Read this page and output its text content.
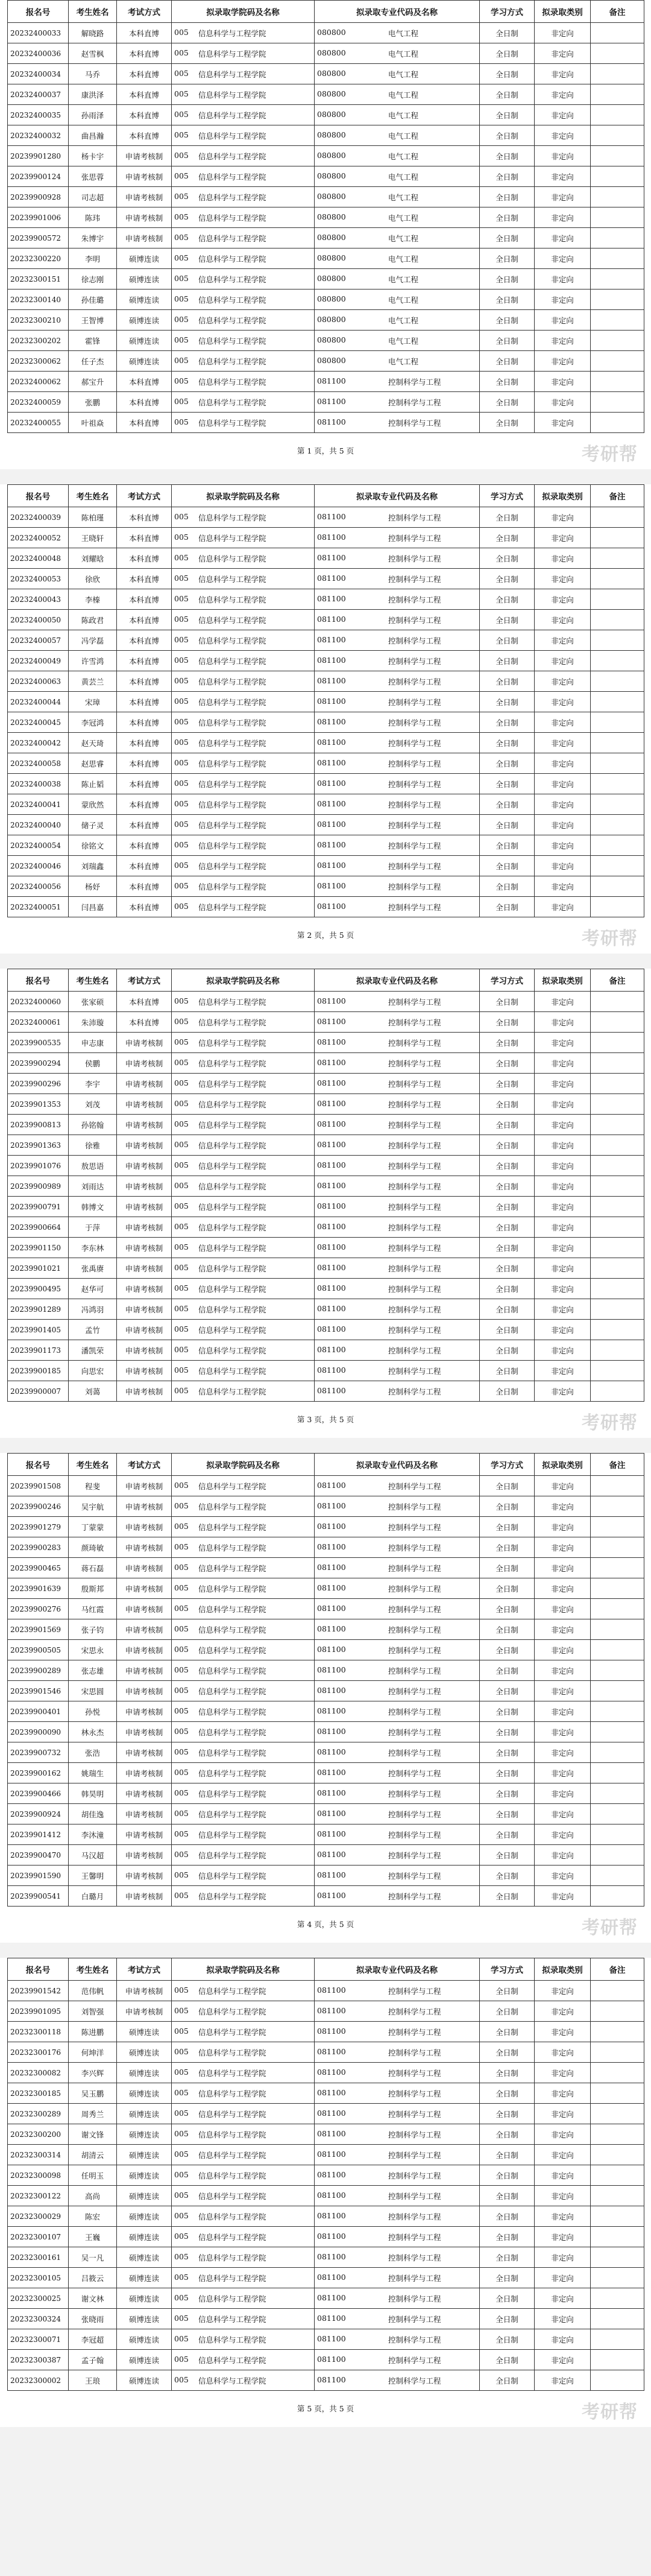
报名号	考生姓名	考试方式	拟录取学院码及名称	拟录取专业代码及名称	学习方式	拟录取类别	备注
20232400033	解晓路	本科直博	005 信息科学与工程学院	080800 电气工程	全日制	非定向	
20232400036	赵雪枫	本科直博	005 信息科学与工程学院	080800 电气工程	全日制	非定向	
20232400034	马乔	本科直博	005 信息科学与工程学院	080800 电气工程	全日制	非定向	
20232400037	康洪泽	本科直博	005 信息科学与工程学院	080800 电气工程	全日制	非定向	
20232400035	孙雨泽	本科直博	005 信息科学与工程学院	080800 电气工程	全日制	非定向	
20232400032	曲昌瀚	本科直博	005 信息科学与工程学院	080800 电气工程	全日制	非定向	
20239901280	杨卡宇	申请考核制	005 信息科学与工程学院	080800 电气工程	全日制	非定向	
20239900124	张思蓉	申请考核制	005 信息科学与工程学院	080800 电气工程	全日制	非定向	
20239900928	司志超	申请考核制	005 信息科学与工程学院	080800 电气工程	全日制	非定向	
20239901006	陈玮	申请考核制	005 信息科学与工程学院	080800 电气工程	全日制	非定向	
20239900572	朱博宇	申请考核制	005 信息科学与工程学院	080800 电气工程	全日制	非定向	
20232300220	李明	硕博连读	005 信息科学与工程学院	080800 电气工程	全日制	非定向	
20232300151	徐志刚	硕博连读	005 信息科学与工程学院	080800 电气工程	全日制	非定向	
20232300140	孙佳璐	硕博连读	005 信息科学与工程学院	080800 电气工程	全日制	非定向	
20232300210	王智博	硕博连读	005 信息科学与工程学院	080800 电气工程	全日制	非定向	
20232300202	霍锋	硕博连读	005 信息科学与工程学院	080800 电气工程	全日制	非定向	
20232300062	任子杰	硕博连读	005 信息科学与工程学院	080800 电气工程	全日制	非定向	
20232400062	郝宝升	本科直博	005 信息科学与工程学院	081100 控制科学与工程	全日制	非定向	
20232400059	张鹏	本科直博	005 信息科学与工程学院	081100 控制科学与工程	全日制	非定向	
20232400055	叶祖焱	本科直博	005 信息科学与工程学院	081100 控制科学与工程	全日制	非定向	
第 1 页，共 5 页	考研帮
报名号	考生姓名	考试方式	拟录取学院码及名称	拟录取专业代码及名称	学习方式	拟录取类别	备注
20232400039	陈柏瑾	本科直博	005 信息科学与工程学院	081100 控制科学与工程	全日制	非定向	
20232400052	王晓轩	本科直博	005 信息科学与工程学院	081100 控制科学与工程	全日制	非定向	
20232400048	刘耀晗	本科直博	005 信息科学与工程学院	081100 控制科学与工程	全日制	非定向	
20232400053	徐欣	本科直博	005 信息科学与工程学院	081100 控制科学与工程	全日制	非定向	
20232400043	李榛	本科直博	005 信息科学与工程学院	081100 控制科学与工程	全日制	非定向	
20232400050	陈政君	本科直博	005 信息科学与工程学院	081100 控制科学与工程	全日制	非定向	
20232400057	冯学磊	本科直博	005 信息科学与工程学院	081100 控制科学与工程	全日制	非定向	
20232400049	许雪鸿	本科直博	005 信息科学与工程学院	081100 控制科学与工程	全日制	非定向	
20232400063	黄芸兰	本科直博	005 信息科学与工程学院	081100 控制科学与工程	全日制	非定向	
20232400044	宋璋	本科直博	005 信息科学与工程学院	081100 控制科学与工程	全日制	非定向	
20232400045	李冠鸿	本科直博	005 信息科学与工程学院	081100 控制科学与工程	全日制	非定向	
20232400042	赵天琦	本科直博	005 信息科学与工程学院	081100 控制科学与工程	全日制	非定向	
20232400058	赵思睿	本科直博	005 信息科学与工程学院	081100 控制科学与工程	全日制	非定向	
20232400038	陈止韬	本科直博	005 信息科学与工程学院	081100 控制科学与工程	全日制	非定向	
20232400041	蒙欣然	本科直博	005 信息科学与工程学院	081100 控制科学与工程	全日制	非定向	
20232400040	储子灵	本科直博	005 信息科学与工程学院	081100 控制科学与工程	全日制	非定向	
20232400054	徐铭文	本科直博	005 信息科学与工程学院	081100 控制科学与工程	全日制	非定向	
20232400046	刘瑞鑫	本科直博	005 信息科学与工程学院	081100 控制科学与工程	全日制	非定向	
20232400056	杨妤	本科直博	005 信息科学与工程学院	081100 控制科学与工程	全日制	非定向	
20232400051	闫昌嘉	本科直博	005 信息科学与工程学院	081100 控制科学与工程	全日制	非定向	
第 2 页，共 5 页	考研帮
报名号	考生姓名	考试方式	拟录取学院码及名称	拟录取专业代码及名称	学习方式	拟录取类别	备注
20232400060	张家硕	本科直博	005 信息科学与工程学院	081100 控制科学与工程	全日制	非定向	
20232400061	朱沛璇	本科直博	005 信息科学与工程学院	081100 控制科学与工程	全日制	非定向	
20239900535	申志康	申请考核制	005 信息科学与工程学院	081100 控制科学与工程	全日制	非定向	
20239900294	侯鹏	申请考核制	005 信息科学与工程学院	081100 控制科学与工程	全日制	非定向	
20239900296	李宇	申请考核制	005 信息科学与工程学院	081100 控制科学与工程	全日制	非定向	
20239901353	刘茂	申请考核制	005 信息科学与工程学院	081100 控制科学与工程	全日制	非定向	
20239900813	孙铭翰	申请考核制	005 信息科学与工程学院	081100 控制科学与工程	全日制	非定向	
20239901363	徐雅	申请考核制	005 信息科学与工程学院	081100 控制科学与工程	全日制	非定向	
20239901076	敖思语	申请考核制	005 信息科学与工程学院	081100 控制科学与工程	全日制	非定向	
20239900989	刘雨达	申请考核制	005 信息科学与工程学院	081100 控制科学与工程	全日制	非定向	
20239900791	韩博文	申请考核制	005 信息科学与工程学院	081100 控制科学与工程	全日制	非定向	
20239900664	于萍	申请考核制	005 信息科学与工程学院	081100 控制科学与工程	全日制	非定向	
20239901150	李东林	申请考核制	005 信息科学与工程学院	081100 控制科学与工程	全日制	非定向	
20239901021	张禹赓	申请考核制	005 信息科学与工程学院	081100 控制科学与工程	全日制	非定向	
20239900495	赵华可	申请考核制	005 信息科学与工程学院	081100 控制科学与工程	全日制	非定向	
20239901289	冯鸿羽	申请考核制	005 信息科学与工程学院	081100 控制科学与工程	全日制	非定向	
20239901405	孟竹	申请考核制	005 信息科学与工程学院	081100 控制科学与工程	全日制	非定向	
20239901173	潘凯荣	申请考核制	005 信息科学与工程学院	081100 控制科学与工程	全日制	非定向	
20239900185	向思宏	申请考核制	005 信息科学与工程学院	081100 控制科学与工程	全日制	非定向	
20239900007	刘蔼	申请考核制	005 信息科学与工程学院	081100 控制科学与工程	全日制	非定向	
第 3 页，共 5 页	考研帮
报名号	考生姓名	考试方式	拟录取学院码及名称	拟录取专业代码及名称	学习方式	拟录取类别	备注
20239901508	程斐	申请考核制	005 信息科学与工程学院	081100 控制科学与工程	全日制	非定向	
20239900246	吴宇航	申请考核制	005 信息科学与工程学院	081100 控制科学与工程	全日制	非定向	
20239901279	丁蒙蒙	申请考核制	005 信息科学与工程学院	081100 控制科学与工程	全日制	非定向	
20239900283	颜琦敏	申请考核制	005 信息科学与工程学院	081100 控制科学与工程	全日制	非定向	
20239900465	蒋石磊	申请考核制	005 信息科学与工程学院	081100 控制科学与工程	全日制	非定向	
20239901639	殷斯邦	申请考核制	005 信息科学与工程学院	081100 控制科学与工程	全日制	非定向	
20239900276	马红霞	申请考核制	005 信息科学与工程学院	081100 控制科学与工程	全日制	非定向	
20239901569	张子钧	申请考核制	005 信息科学与工程学院	081100 控制科学与工程	全日制	非定向	
20239900505	宋思永	申请考核制	005 信息科学与工程学院	081100 控制科学与工程	全日制	非定向	
20239900289	张志雄	申请考核制	005 信息科学与工程学院	081100 控制科学与工程	全日制	非定向	
20239901546	宋思圆	申请考核制	005 信息科学与工程学院	081100 控制科学与工程	全日制	非定向	
20239900401	孙悦	申请考核制	005 信息科学与工程学院	081100 控制科学与工程	全日制	非定向	
20239900090	林永杰	申请考核制	005 信息科学与工程学院	081100 控制科学与工程	全日制	非定向	
20239900732	张浩	申请考核制	005 信息科学与工程学院	081100 控制科学与工程	全日制	非定向	
20239900162	姚瑞生	申请考核制	005 信息科学与工程学院	081100 控制科学与工程	全日制	非定向	
20239900466	韩昊明	申请考核制	005 信息科学与工程学院	081100 控制科学与工程	全日制	非定向	
20239900924	胡佳逸	申请考核制	005 信息科学与工程学院	081100 控制科学与工程	全日制	非定向	
20239901412	李沐潼	申请考核制	005 信息科学与工程学院	081100 控制科学与工程	全日制	非定向	
20239900470	马汉超	申请考核制	005 信息科学与工程学院	081100 控制科学与工程	全日制	非定向	
20239901590	王馨明	申请考核制	005 信息科学与工程学院	081100 控制科学与工程	全日制	非定向	
20239900541	白璐月	申请考核制	005 信息科学与工程学院	081100 控制科学与工程	全日制	非定向	
第 4 页，共 5 页	考研帮
报名号	考生姓名	考试方式	拟录取学院码及名称	拟录取专业代码及名称	学习方式	拟录取类别	备注
20239901542	范伟帆	申请考核制	005 信息科学与工程学院	081100 控制科学与工程	全日制	非定向	
20239901095	刘智强	申请考核制	005 信息科学与工程学院	081100 控制科学与工程	全日制	非定向	
20232300118	陈进鹏	硕博连读	005 信息科学与工程学院	081100 控制科学与工程	全日制	非定向	
20232300176	何坤洋	硕博连读	005 信息科学与工程学院	081100 控制科学与工程	全日制	非定向	
20232300082	李兴辉	硕博连读	005 信息科学与工程学院	081100 控制科学与工程	全日制	非定向	
20232300185	吴玉鹏	硕博连读	005 信息科学与工程学院	081100 控制科学与工程	全日制	非定向	
20232300289	周秀兰	硕博连读	005 信息科学与工程学院	081100 控制科学与工程	全日制	非定向	
20232300200	谢文锋	硕博连读	005 信息科学与工程学院	081100 控制科学与工程	全日制	非定向	
20232300314	胡清云	硕博连读	005 信息科学与工程学院	081100 控制科学与工程	全日制	非定向	
20232300098	任明玉	硕博连读	005 信息科学与工程学院	081100 控制科学与工程	全日制	非定向	
20232300122	高尚	硕博连读	005 信息科学与工程学院	081100 控制科学与工程	全日制	非定向	
20232300029	陈宏	硕博连读	005 信息科学与工程学院	081100 控制科学与工程	全日制	非定向	
20232300107	王巍	硕博连读	005 信息科学与工程学院	081100 控制科学与工程	全日制	非定向	
20232300161	吴一凡	硕博连读	005 信息科学与工程学院	081100 控制科学与工程	全日制	非定向	
20232300105	吕筱云	硕博连读	005 信息科学与工程学院	081100 控制科学与工程	全日制	非定向	
20232300025	谢文林	硕博连读	005 信息科学与工程学院	081100 控制科学与工程	全日制	非定向	
20232300324	张晓雨	硕博连读	005 信息科学与工程学院	081100 控制科学与工程	全日制	非定向	
20232300071	李冠超	硕博连读	005 信息科学与工程学院	081100 控制科学与工程	全日制	非定向	
20232300387	孟子翰	硕博连读	005 信息科学与工程学院	081100 控制科学与工程	全日制	非定向	
20232300002	王琅	硕博连读	005 信息科学与工程学院	081100 控制科学与工程	全日制	非定向	
第 5 页，共 5 页	考研帮
